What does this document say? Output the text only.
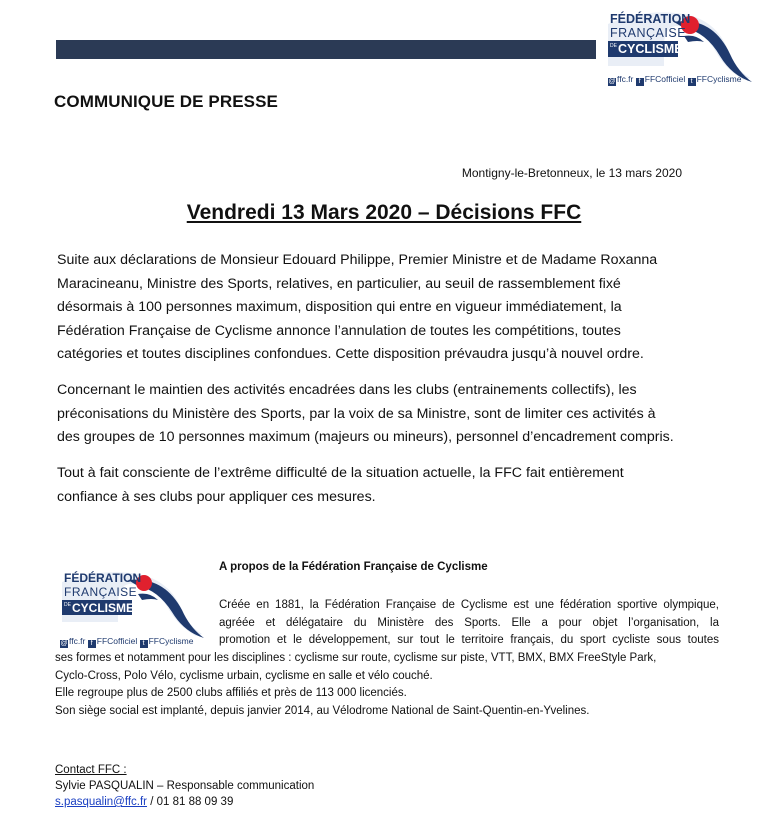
FÉDÉRATION
FRANÇAISE
DE CYCLISME
@ffc.fr f FFCofficiel t FFCyclisme
COMMUNIQUE DE PRESSE
Montigny-le-Bretonneux, le 13 mars 2020
Vendredi 13 Mars 2020 – Décisions FFC
Suite aux déclarations de Monsieur Edouard Philippe, Premier Ministre et de Madame Roxanna
Maracineanu, Ministre des Sports, relatives, en particulier, au seuil de rassemblement fixé
désormais à 100 personnes maximum, disposition qui entre en vigueur immédiatement, la
Fédération Française de Cyclisme annonce l’annulation de toutes les compétitions, toutes
catégories et toutes disciplines confondues. Cette disposition prévaudra jusqu’à nouvel ordre.
Concernant le maintien des activités encadrées dans les clubs (entrainements collectifs), les
préconisations du Ministère des Sports, par la voix de sa Ministre, sont de limiter ces activités à
des groupes de 10 personnes maximum (majeurs ou mineurs), personnel d’encadrement compris.
Tout à fait consciente de l’extrême difficulté de la situation actuelle, la FFC fait entièrement
confiance à ses clubs pour appliquer ces mesures.
FÉDÉRATION
FRANÇAISE
DE CYCLISME
@ffc.fr f FFCofficiel t FFCyclisme
A propos de la Fédération Française de Cyclisme
Créée en 1881, la Fédération Française de Cyclisme est une fédération sportive olympique,
agréée et délégataire du Ministère des Sports. Elle a pour objet l’organisation, la
promotion et le développement, sur tout le territoire français, du sport cycliste sous toutes
ses formes et notamment pour les disciplines : cyclisme sur route, cyclisme sur piste, VTT, BMX, BMX FreeStyle Park,
Cyclo-Cross, Polo Vélo, cyclisme urbain, cyclisme en salle et vélo couché.
Elle regroupe plus de 2500 clubs affiliés et près de 113 000 licenciés.
Son siège social est implanté, depuis janvier 2014, au Vélodrome National de Saint-Quentin-en-Yvelines.
Contact FFC :
Sylvie PASQUALIN – Responsable communication
s.pasqualin@ffc.fr / 01 81 88 09 39
